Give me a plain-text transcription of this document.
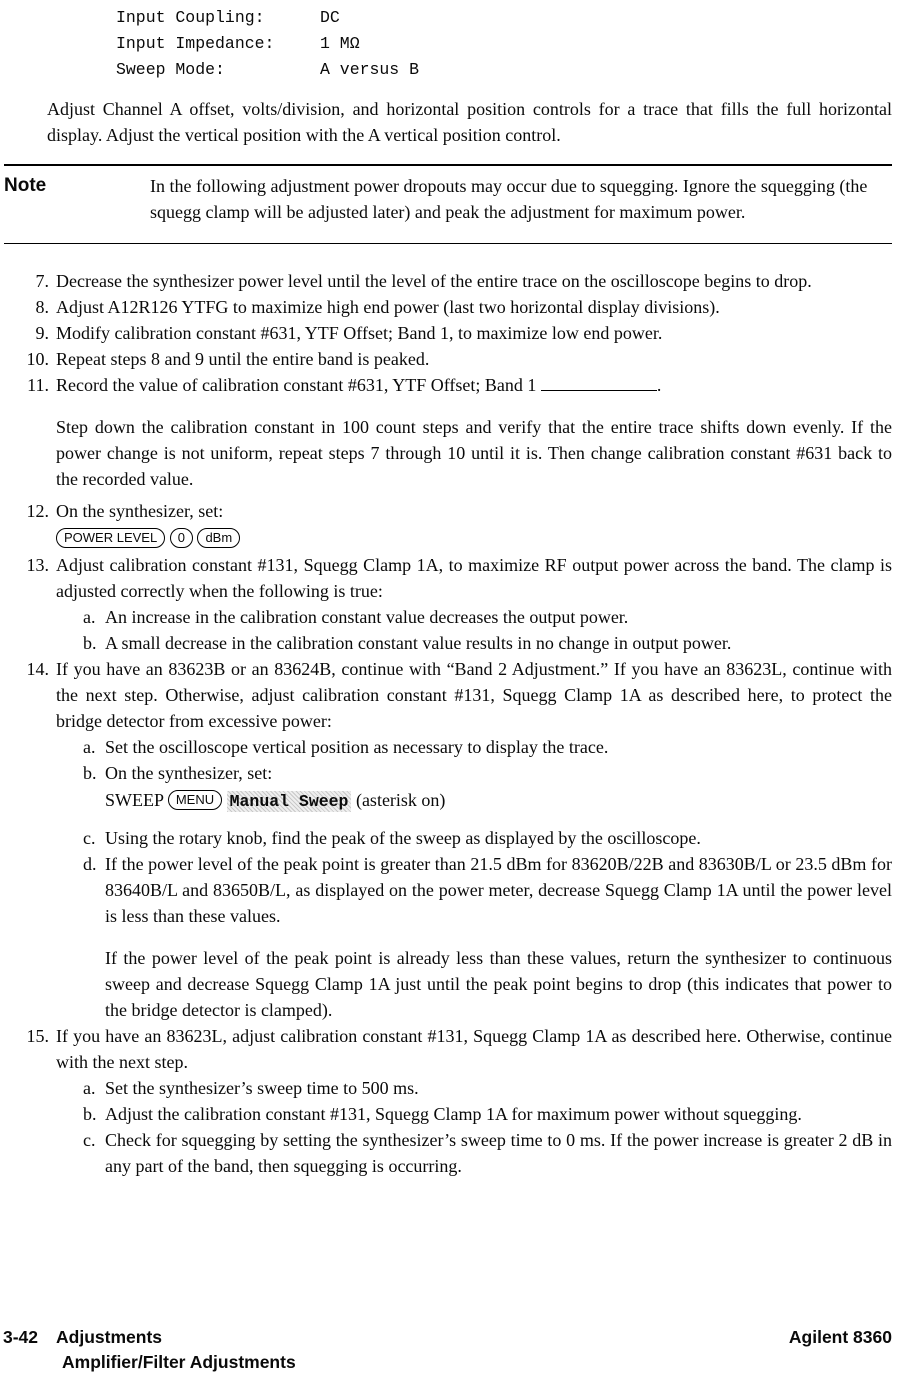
Input Coupling:	DC
Input Impedance:	1 MΩ
Sweep Mode:	A versus B
Adjust Channel A offset, volts/division, and horizontal position controls for a trace that fills the full horizontal display. Adjust the vertical position with the A vertical position control.
Note	In the following adjustment power dropouts may occur due to squegging. Ignore the squegging (the squegg clamp will be adjusted later) and peak the adjustment for maximum power.
7. Decrease the synthesizer power level until the level of the entire trace on the oscilloscope begins to drop.
8. Adjust A12R126 YTFG to maximize high end power (last two horizontal display divisions).
9. Modify calibration constant #631, YTF Offset; Band 1, to maximize low end power.
10. Repeat steps 8 and 9 until the entire band is peaked.
11. Record the value of calibration constant #631, YTF Offset; Band 1	.
Step down the calibration constant in 100 count steps and verify that the entire trace shifts down evenly. If the power change is not uniform, repeat steps 7 through 10 until it is. Then change calibration constant #631 back to the recorded value.
12. On the synthesizer, set:
POWER LEVEL 0 dBm
13. Adjust calibration constant #131, Squegg Clamp 1A, to maximize RF output power across the band. The clamp is adjusted correctly when the following is true:
a. An increase in the calibration constant value decreases the output power.
b. A small decrease in the calibration constant value results in no change in output power.
14. If you have an 83623B or an 83624B, continue with “Band 2 Adjustment.” If you have an 83623L, continue with the next step. Otherwise, adjust calibration constant #131, Squegg Clamp 1A as described here, to protect the bridge detector from excessive power:
a. Set the oscilloscope vertical position as necessary to display the trace.
b. On the synthesizer, set:
SWEEP MENU Manual Sweep (asterisk on)
c. Using the rotary knob, find the peak of the sweep as displayed by the oscilloscope.
d. If the power level of the peak point is greater than 21.5 dBm for 83620B/22B and 83630B/L or 23.5 dBm for 83640B/L and 83650B/L, as displayed on the power meter, decrease Squegg Clamp 1A until the power level is less than these values.
If the power level of the peak point is already less than these values, return the synthesizer to continuous sweep and decrease Squegg Clamp 1A just until the peak point begins to drop (this indicates that power to the bridge detector is clamped).
15. If you have an 83623L, adjust calibration constant #131, Squegg Clamp 1A as described here. Otherwise, continue with the next step.
a. Set the synthesizer’s sweep time to 500 ms.
b. Adjust the calibration constant #131, Squegg Clamp 1A for maximum power without squegging.
c. Check for squegging by setting the synthesizer’s sweep time to 0 ms. If the power increase is greater 2 dB in any part of the band, then squegging is occurring.
3-42 Adjustments	Agilent 8360
Amplifier/Filter Adjustments
